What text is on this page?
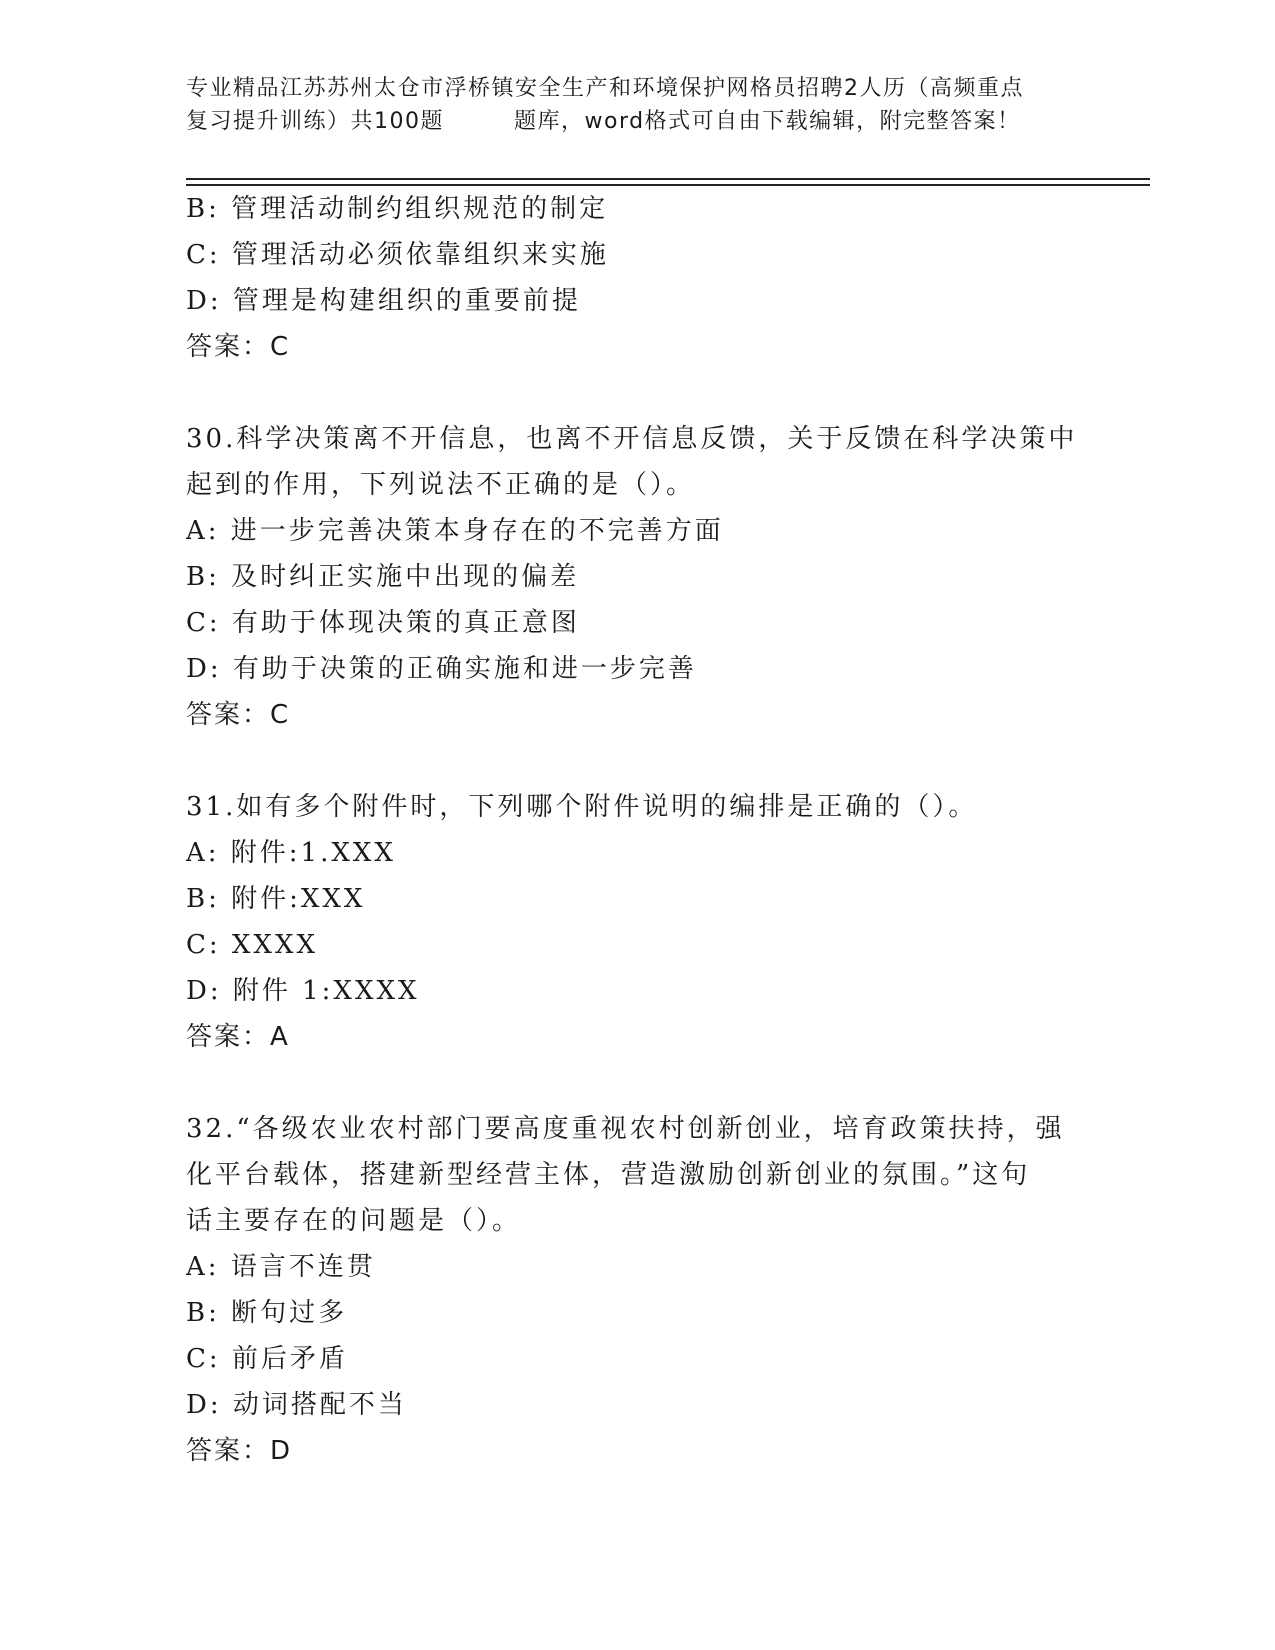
专业精品江苏苏州太仓市浮桥镇安全生产和环境保护网格员招聘2人历（高频重点
复习提升训练）共100题	题库，word格式可自由下载编辑，附完整答案！
B: 管理活动制约组织规范的制定
C: 管理活动必须依靠组织来实施
D: 管理是构建组织的重要前提
答案：C
30.科学决策离不开信息，也离不开信息反馈，关于反馈在科学决策中
起到的作用，下列说法不正确的是（）。
A: 进一步完善决策本身存在的不完善方面
B: 及时纠正实施中出现的偏差
C: 有助于体现决策的真正意图
D: 有助于决策的正确实施和进一步完善
答案：C
31.如有多个附件时，下列哪个附件说明的编排是正确的（）。
A: 附件:1.XXX
B: 附件:XXX
C: XXXX
D: 附件 1:XXXX
答案：A
32.“各级农业农村部门要高度重视农村创新创业，培育政策扶持，强
化平台载体，搭建新型经营主体，营造激励创新创业的氛围。”这句
话主要存在的问题是（）。
A: 语言不连贯
B: 断句过多
C: 前后矛盾
D: 动词搭配不当
答案：D
